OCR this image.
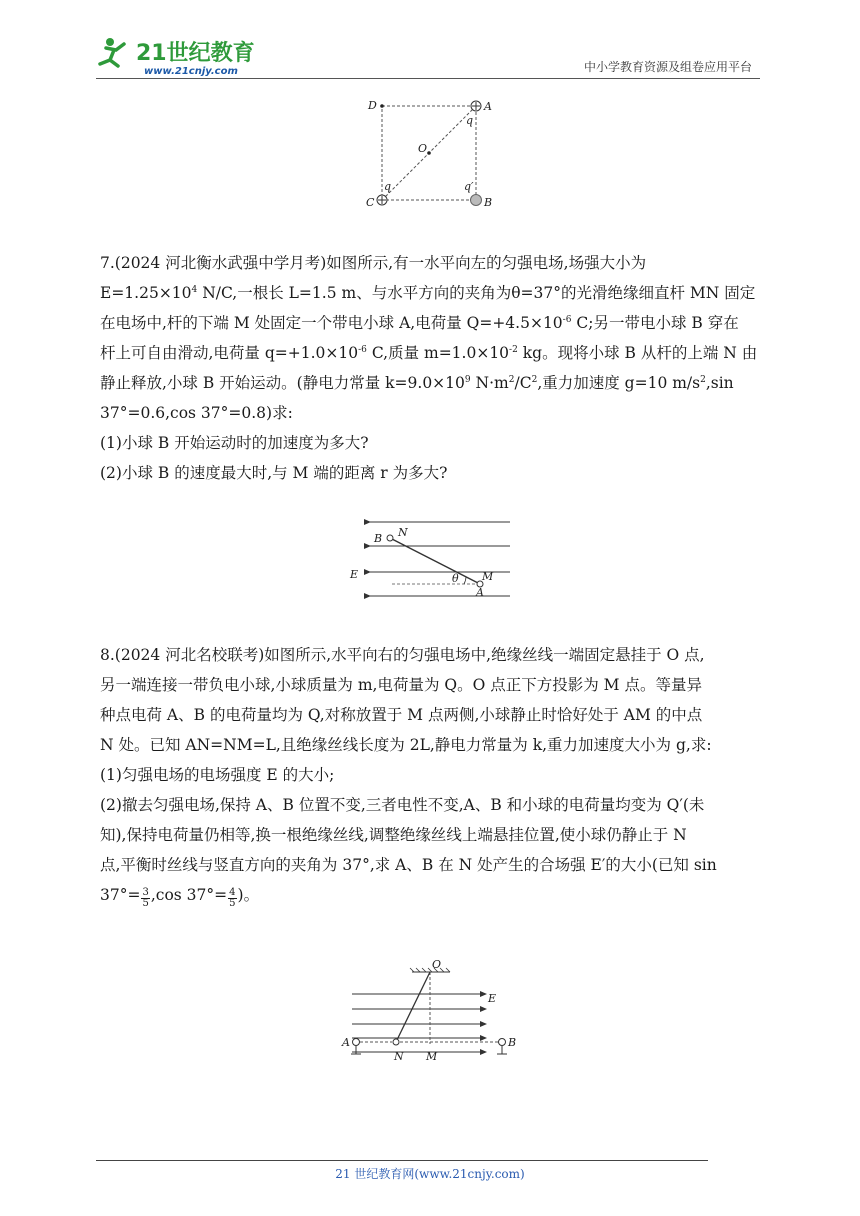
21世纪教育
www.21cnjy.com	中小学教育资源及组卷应用平台
D	A
q
O
q	q′
C	B

7.(2024 河北衡水武强中学月考)如图所示,有一水平向左的匀强电场,场强大小为

$E=1.25\times 10^4$ N/C,一根长 L=1.5 m、与水平方向的夹角为θ=37°的光滑绝缘细直杆 MN 固定

在电场中,杆的下端 M 处固定一个带电小球 A,电荷量 $Q=+4.5\times 10^{-6}$ C;另一带电小球 B 穿在

杆上可自由滑动,电荷量 $q=+1.0\times 10^{-6}$ C,质量 $m=1.0\times 10^{-2}$ kg。现将小球 B 从杆的上端 N 由

静止释放,小球 B 开始运动。(静电力常量 $k=9.0\times 10^9$ $N\cdot m^2/C^2$,重力加速度 g=10 $m/s^2,\sin$

37°=0.6,cos 37°=0.8)求:

(1)小球 B 开始运动时的加速度为多大?

(2)小球 B 的速度最大时,与 M 端的距离 r 为多大?

B N
E	θ M
A

8.(2024 河北名校联考)如图所示,水平向右的匀强电场中,绝缘丝线一端固定悬挂于 O 点,

另一端连接一带负电小球,小球质量为 m,电荷量为 Q。O 点正下方投影为 M 点。等量异

种点电荷 A、B 的电荷量均为 Q,对称放置于 M 点两侧,小球静止时恰好处于 AM 的中点

N 处。已知 AN=NM=L,且绝缘丝线长度为 2L,静电力常量为 k,重力加速度大小为 g,求:

(1)匀强电场的电场强度 E 的大小;

(2)撤去匀强电场,保持 A、B 位置不变,三者电性不变,A、B 和小球的电荷量均变为 Q′(未

知),保持电荷量仍相等,换一根绝缘丝线,调整绝缘丝线上端悬挂位置,使小球仍静止于 N

点,平衡时丝线与竖直方向的夹角为 37°,求 A、B 在 N 处产生的合场强 E′的大小(已知 sin

$37^\circ= \frac{3}{5} ,\cos$ $37^\circ= \frac{4}{5}$ )。

O
E
A
N M
B
21 世纪教育网(www.21cnjy.com)
